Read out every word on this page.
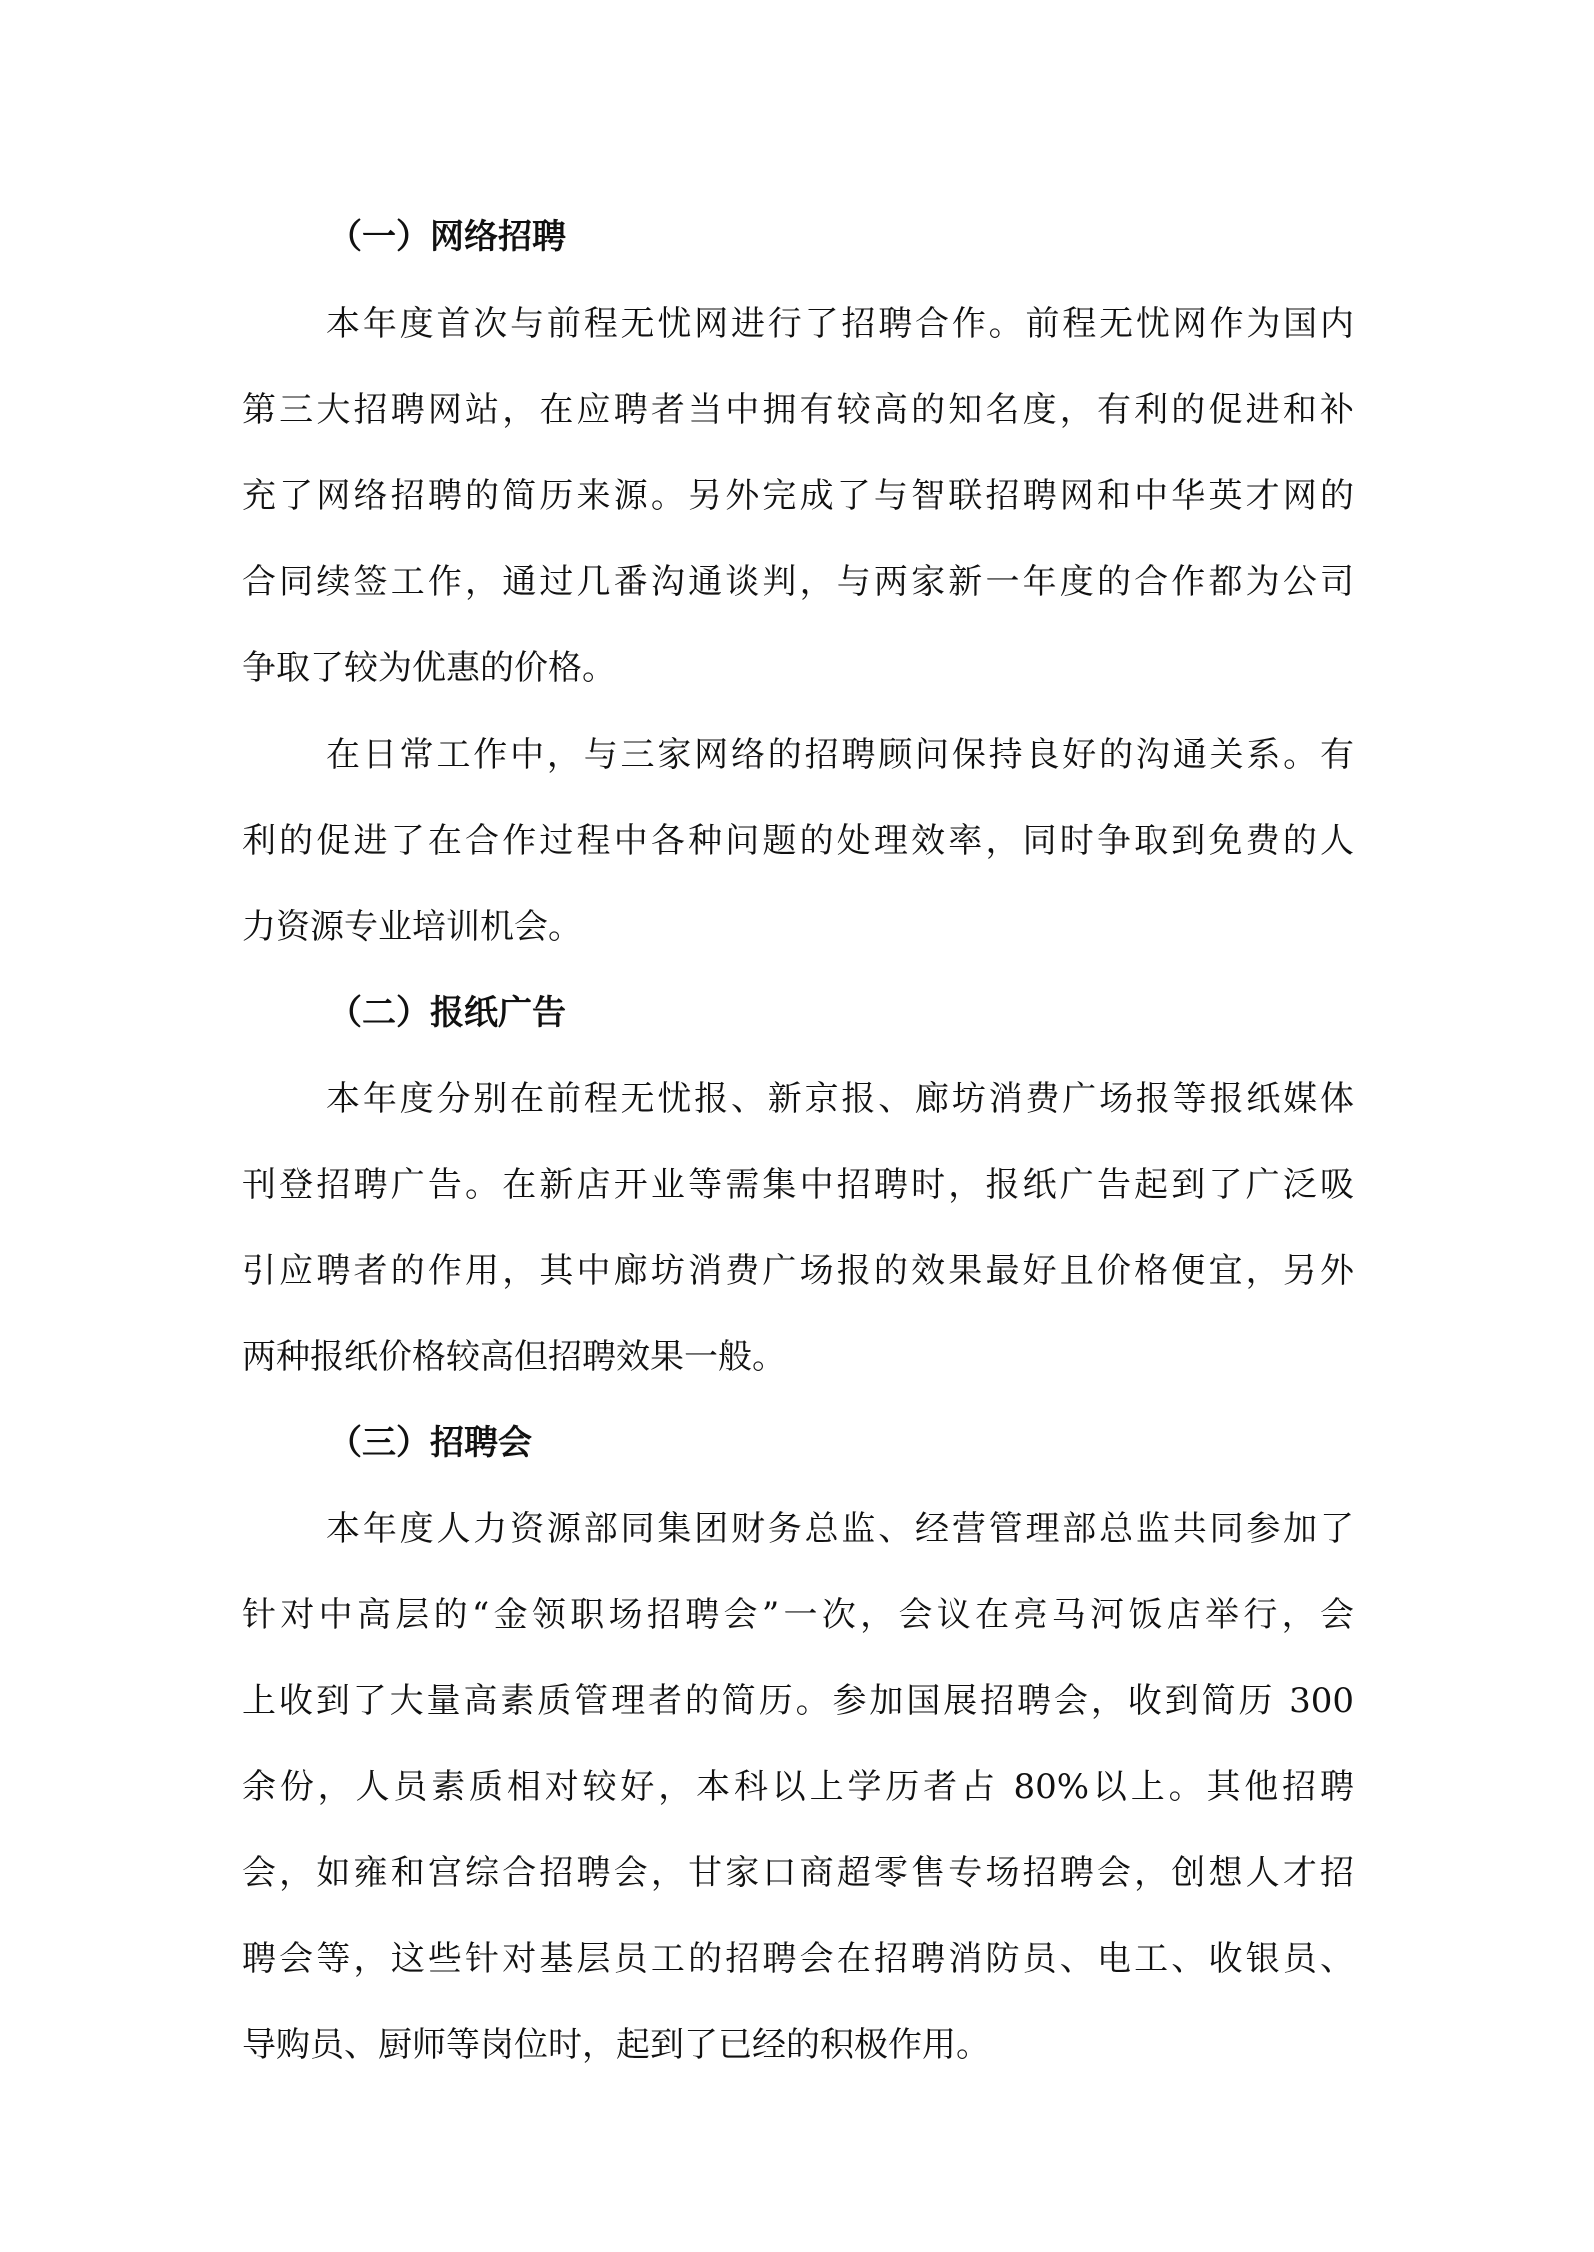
（一）网络招聘

本年度首次与前程无忧网进行了招聘合作。前程无忧网作为国内

第三大招聘网站，在应聘者当中拥有较高的知名度，有利的促进和补

充了网络招聘的简历来源。另外完成了与智联招聘网和中华英才网的

合同续签工作，通过几番沟通谈判，与两家新一年度的合作都为公司

争取了较为优惠的价格。

在日常工作中，与三家网络的招聘顾问保持良好的沟通关系。有

利的促进了在合作过程中各种问题的处理效率，同时争取到免费的人

力资源专业培训机会。

（二）报纸广告

本年度分别在前程无忧报、新京报、廊坊消费广场报等报纸媒体

刊登招聘广告。在新店开业等需集中招聘时，报纸广告起到了广泛吸

引应聘者的作用，其中廊坊消费广场报的效果最好且价格便宜，另外

两种报纸价格较高但招聘效果一般。

（三）招聘会

本年度人力资源部同集团财务总监、经营管理部总监共同参加了

针对中高层的“金领职场招聘会”一次，会议在亮马河饭店举行，会

上收到了大量高素质管理者的简历。参加国展招聘会，收到简历 300

余份，人员素质相对较好，本科以上学历者占 80%以上。其他招聘

会，如雍和宫综合招聘会，甘家口商超零售专场招聘会，创想人才招

聘会等，这些针对基层员工的招聘会在招聘消防员、电工、收银员、

导购员、厨师等岗位时，起到了已经的积极作用。
